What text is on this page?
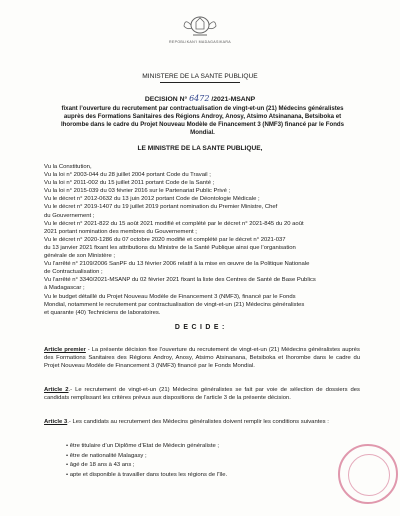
REPOBLIKAN'I MADAGASIKARA
MINISTERE DE LA SANTE PUBLIQUE
DECISION N° 6472 /2021-MSANP
fixant l’ouverture du recrutement par contractualisation de vingt-et-un (21) Médecins généralistes auprès des Formations Sanitaires des Régions Androy, Anosy, Atsimo Atsinanana, Betsiboka et Ihorombe dans le cadre du Projet Nouveau Modèle de Financement 3 (NMF3) financé par le Fonds Mondial.
LE MINISTRE DE LA SANTE PUBLIQUE,
Vu la Constitution,
Vu la loi n° 2003-044 du 28 juillet 2004 portant Code du Travail ;
Vu la loi n° 2011-002 du 15 juillet 2011 portant Code de la Santé ;
Vu la loi n° 2015-039 du 03 février 2016 sur le Partenariat Public Privé ;
Vu le décret n° 2012-0632 du 13 juin 2012 portant Code de Déontologie Médicale ;
Vu le décret n° 2019-1407 du 19 juillet 2019 portant nomination du Premier Ministre, Chef
du Gouvernement ;
Vu le décret n° 2021-822 du 15 août 2021 modifié et complété par le décret n° 2021-845 du 20 août
2021 portant nomination des membres du Gouvernement ;
Vu le décret n° 2020-1286 du 07 octobre 2020 modifié et complété par le décret n° 2021-037
du 13 janvier 2021 fixant les attributions du Ministre de la Santé Publique ainsi que l’organisation
générale de son Ministère ;
Vu l’arrêté n° 2109/2006 SanPF du 13 février 2006 relatif à la mise en œuvre de la Politique Nationale
de Contractualisation ;
Vu l’arrêté n° 3340/2021-MSANP du 02 février 2021 fixant la liste des Centres de Santé de Base Publics
à Madagascar ;
Vu le budget détaillé du Projet Nouveau Modèle de Financement 3 (NMF3), financé par le Fonds
Mondial, notamment le recrutement par contractualisation de vingt-et-un (21) Médecins généralistes
et quarante (40) Techniciens de laboratoires.
D E C I D E :
Article premier - La présente décision fixe l’ouverture du recrutement de vingt-et-un (21) Médecins généralistes auprès des Formations Sanitaires des Régions Androy, Anosy, Atsimo Atsinanana, Betsiboka et Ihorombe dans le cadre du Projet Nouveau Modèle de Financement 3 (NMF3) financé par le Fonds Mondial.
Article 2.- Le recrutement de vingt-et-un (21) Médecins généralistes se fait par voie de sélection de dossiers des candidats remplissant les critères prévus aux dispositions de l’article 3 de la présente décision.
Article 3.- Les candidats au recrutement des Médecins généralistes doivent remplir les conditions suivantes :
• être titulaire d’un Diplôme d’Etat de Médecin généraliste ;
• être de nationalité Malagasy ;
• âgé de 18 ans à 43 ans ;
• apte et disponible à travailler dans toutes les régions de l’île.
